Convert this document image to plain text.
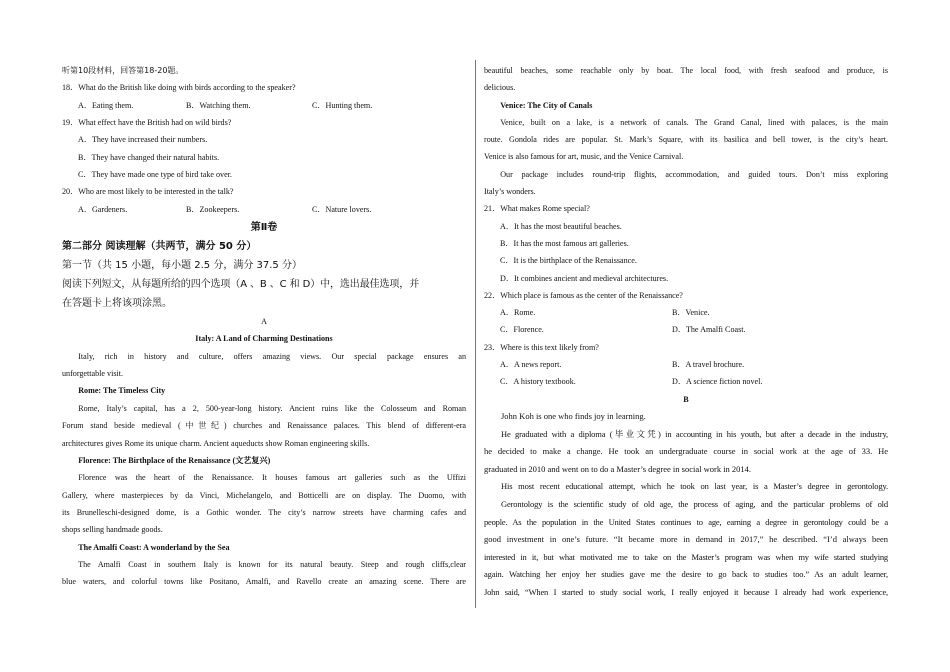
听第10段材料，回答第18-20题。
18．What do the British like doing with birds according to the speaker?
A．Eating them.	B．Watching them.	C．Hunting them.
19．What effect have the British had on wild birds?
A．They have increased their numbers.
B．They have changed their natural habits.
C．They have made one type of bird take over.
20．Who are most likely to be interested in the talk?
A．Gardeners.	B．Zookeepers.	C．Nature lovers.
第Ⅱ卷
第二部分 阅读理解（共两节，满分 50 分）
第一节（共 15 小题，每小题 2.5 分，满分 37.5 分）
阅读下列短文，从每题所给的四个选项（A 、B 、C 和 D）中，选出最佳选项，并
在答题卡上将该项涂黑。
A
Italy: A Land of Charming Destinations
Italy, rich in history and culture, offers amazing views. Our special package ensures an
unforgettable visit.
Rome: The Timeless City
Rome, Italy’s capital, has a 2, 500-year-long history. Ancient ruins like the Colosseum and Roman
Forum stand beside medieval (中世纪) churches and Renaissance palaces. This blend of different-era
architectures gives Rome its unique charm. Ancient aqueducts show Roman engineering skills.
Florence: The Birthplace of the Renaissance (文艺复兴)
Florence was the heart of the Renaissance. It houses famous art galleries such as the Uffizi
Gallery, where masterpieces by da Vinci, Michelangelo, and Botticelli are on display. The Duomo, with
its Brunelleschi-designed dome, is a Gothic wonder. The city’s narrow streets have charming cafes and
shops selling handmade goods.
The Amalfi Coast: A wonderland by the Sea
The Amalfi Coast in southern Italy is known for its natural beauty. Steep and rough cliffs,clear
blue waters, and colorful towns like Positano, Amalfi, and Ravello create an amazing scene. There are
beautiful beaches, some reachable only by boat. The local food, with fresh seafood and produce, is
delicious.
Venice: The City of Canals
Venice, built on a lake, is a network of canals. The Grand Canal, lined with palaces, is the main
route. Gondola rides are popular. St. Mark’s Square, with its basilica and bell tower, is the city’s heart.
Venice is also famous for art, music, and the Venice Carnival.
Our package includes round-trip flights, accommodation, and guided tours. Don’t miss exploring
Italy’s wonders.
21．What makes Rome special?
A．It has the most beautiful beaches.
B．It has the most famous art galleries.
C．It is the birthplace of the Renaissance.
D．It combines ancient and medieval architectures.
22．Which place is famous as the center of the Renaissance?
A．Rome.	B．Venice.
C．Florence.	D．The Amalfi Coast.
23．Where is this text likely from?
A．A news report.	B．A travel brochure.
C．A history textbook.	D．A science fiction novel.
B
John Koh is one who finds joy in learning.
He graduated with a diploma (毕业文凭) in accounting in his youth, but after a decade in the industry,
he decided to make a change. He took an undergraduate course in social work at the age of 33. He
graduated in 2010 and went on to do a Master’s degree in social work in 2014.
His most recent educational attempt, which he took on last year, is a Master’s degree in gerontology.
Gerontology is the scientific study of old age, the process of aging, and the particular problems of old
people. As the population in the United States continues to age, earning a degree in gerontology could be a
good investment in one’s future. “It became more in demand in 2017,” he described. “I’d always been
interested in it, but what motivated me to take on the Master’s program was when my wife started studying
again. Watching her enjoy her studies gave me the desire to go back to studies too.” As an adult learner,
John said, “When I started to study social work, I really enjoyed it because I already had work experience,
